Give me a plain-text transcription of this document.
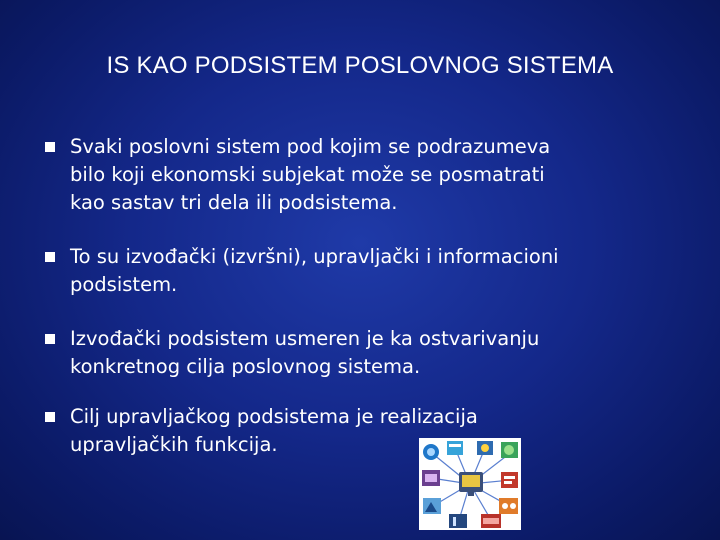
IS KAO PODSISTEM POSLOVNOG SISTEMA
Svaki poslovni sistem pod kojim se podrazumeva
bilo koji ekonomski subjekat može se posmatrati
kao sastav tri dela ili podsistema.
To su izvođački (izvršni), upravljački i informacioni
podsistem.
Izvođački podsistem usmeren je ka ostvarivanju
konkretnog cilja poslovnog sistema.
Cilj upravljačkog podsistema je realizacija
upravljačkih funkcija.
